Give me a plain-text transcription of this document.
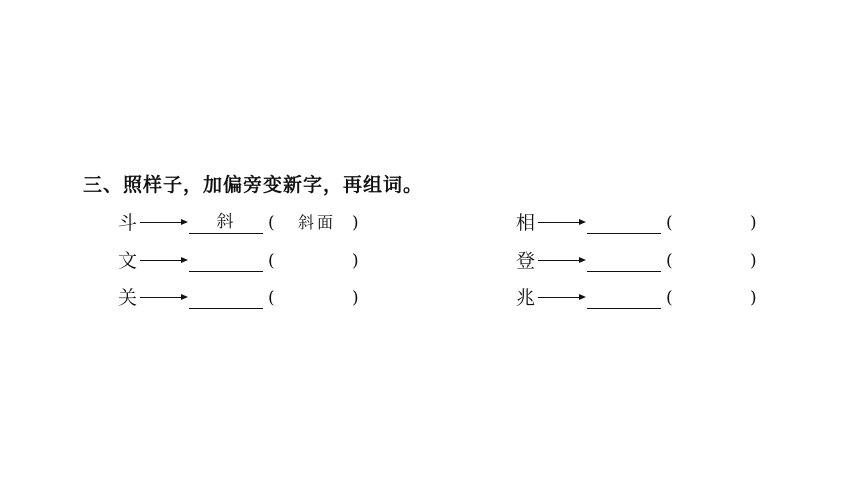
三、照样子，加偏旁变新字，再组词。
斗	斜	(	斜面 )
文	(	)
关	(	)
相	(	)
登	(	)
兆	(	)
